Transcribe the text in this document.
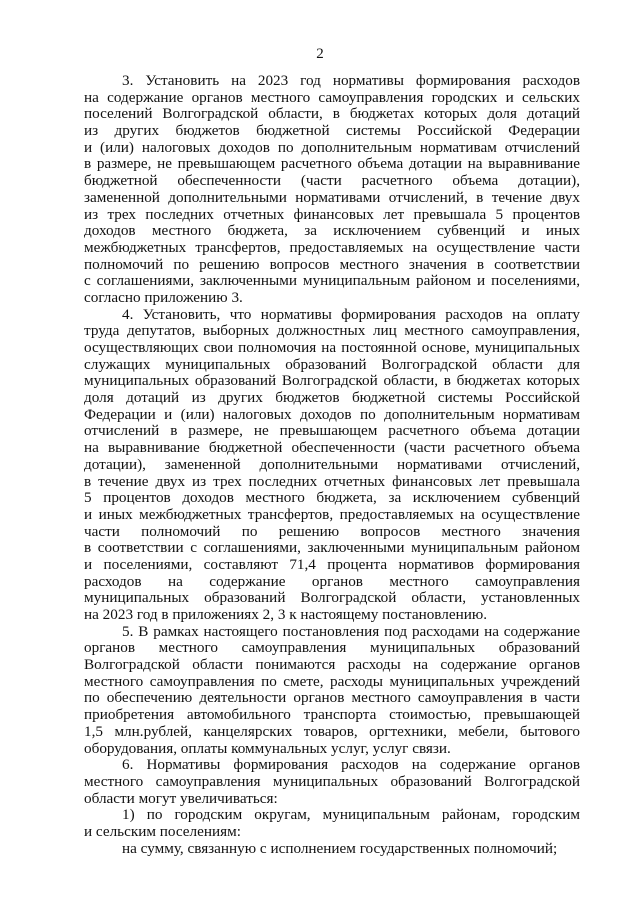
2
3. Установить на 2023 год нормативы формирования расходов
на содержание органов местного самоуправления городских и сельских
поселений Волгоградской области, в бюджетах которых доля дотаций
из других бюджетов бюджетной системы Российской Федерации
и (или) налоговых доходов по дополнительным нормативам отчислений
в размере, не превышающем расчетного объема дотации на выравнивание
бюджетной обеспеченности (части расчетного объема дотации),
замененной дополнительными нормативами отчислений, в течение двух
из трех последних отчетных финансовых лет превышала 5 процентов
доходов местного бюджета, за исключением субвенций и иных
межбюджетных трансфертов, предоставляемых на осуществление части
полномочий по решению вопросов местного значения в соответствии
с соглашениями, заключенными муниципальным районом и поселениями,
согласно приложению 3.
4. Установить, что нормативы формирования расходов на оплату
труда депутатов, выборных должностных лиц местного самоуправления,
осуществляющих свои полномочия на постоянной основе, муниципальных
служащих муниципальных образований Волгоградской области для
муниципальных образований Волгоградской области, в бюджетах которых
доля дотаций из других бюджетов бюджетной системы Российской
Федерации и (или) налоговых доходов по дополнительным нормативам
отчислений в размере, не превышающем расчетного объема дотации
на выравнивание бюджетной обеспеченности (части расчетного объема
дотации), замененной дополнительными нормативами отчислений,
в течение двух из трех последних отчетных финансовых лет превышала
5 процентов доходов местного бюджета, за исключением субвенций
и иных межбюджетных трансфертов, предоставляемых на осуществление
части полномочий по решению вопросов местного значения
в соответствии с соглашениями, заключенными муниципальным районом
и поселениями, составляют 71,4 процента нормативов формирования
расходов на содержание органов местного самоуправления
муниципальных образований Волгоградской области, установленных
на 2023 год в приложениях 2, 3 к настоящему постановлению.
5. В рамках настоящего постановления под расходами на содержание
органов местного самоуправления муниципальных образований
Волгоградской области понимаются расходы на содержание органов
местного самоуправления по смете, расходы муниципальных учреждений
по обеспечению деятельности органов местного самоуправления в части
приобретения автомобильного транспорта стоимостью, превышающей
1,5 млн.рублей, канцелярских товаров, оргтехники, мебели, бытового
оборудования, оплаты коммунальных услуг, услуг связи.
6. Нормативы формирования расходов на содержание органов
местного самоуправления муниципальных образований Волгоградской
области могут увеличиваться:
1) по городским округам, муниципальным районам, городским
и сельским поселениям:
на сумму, связанную с исполнением государственных полномочий;
